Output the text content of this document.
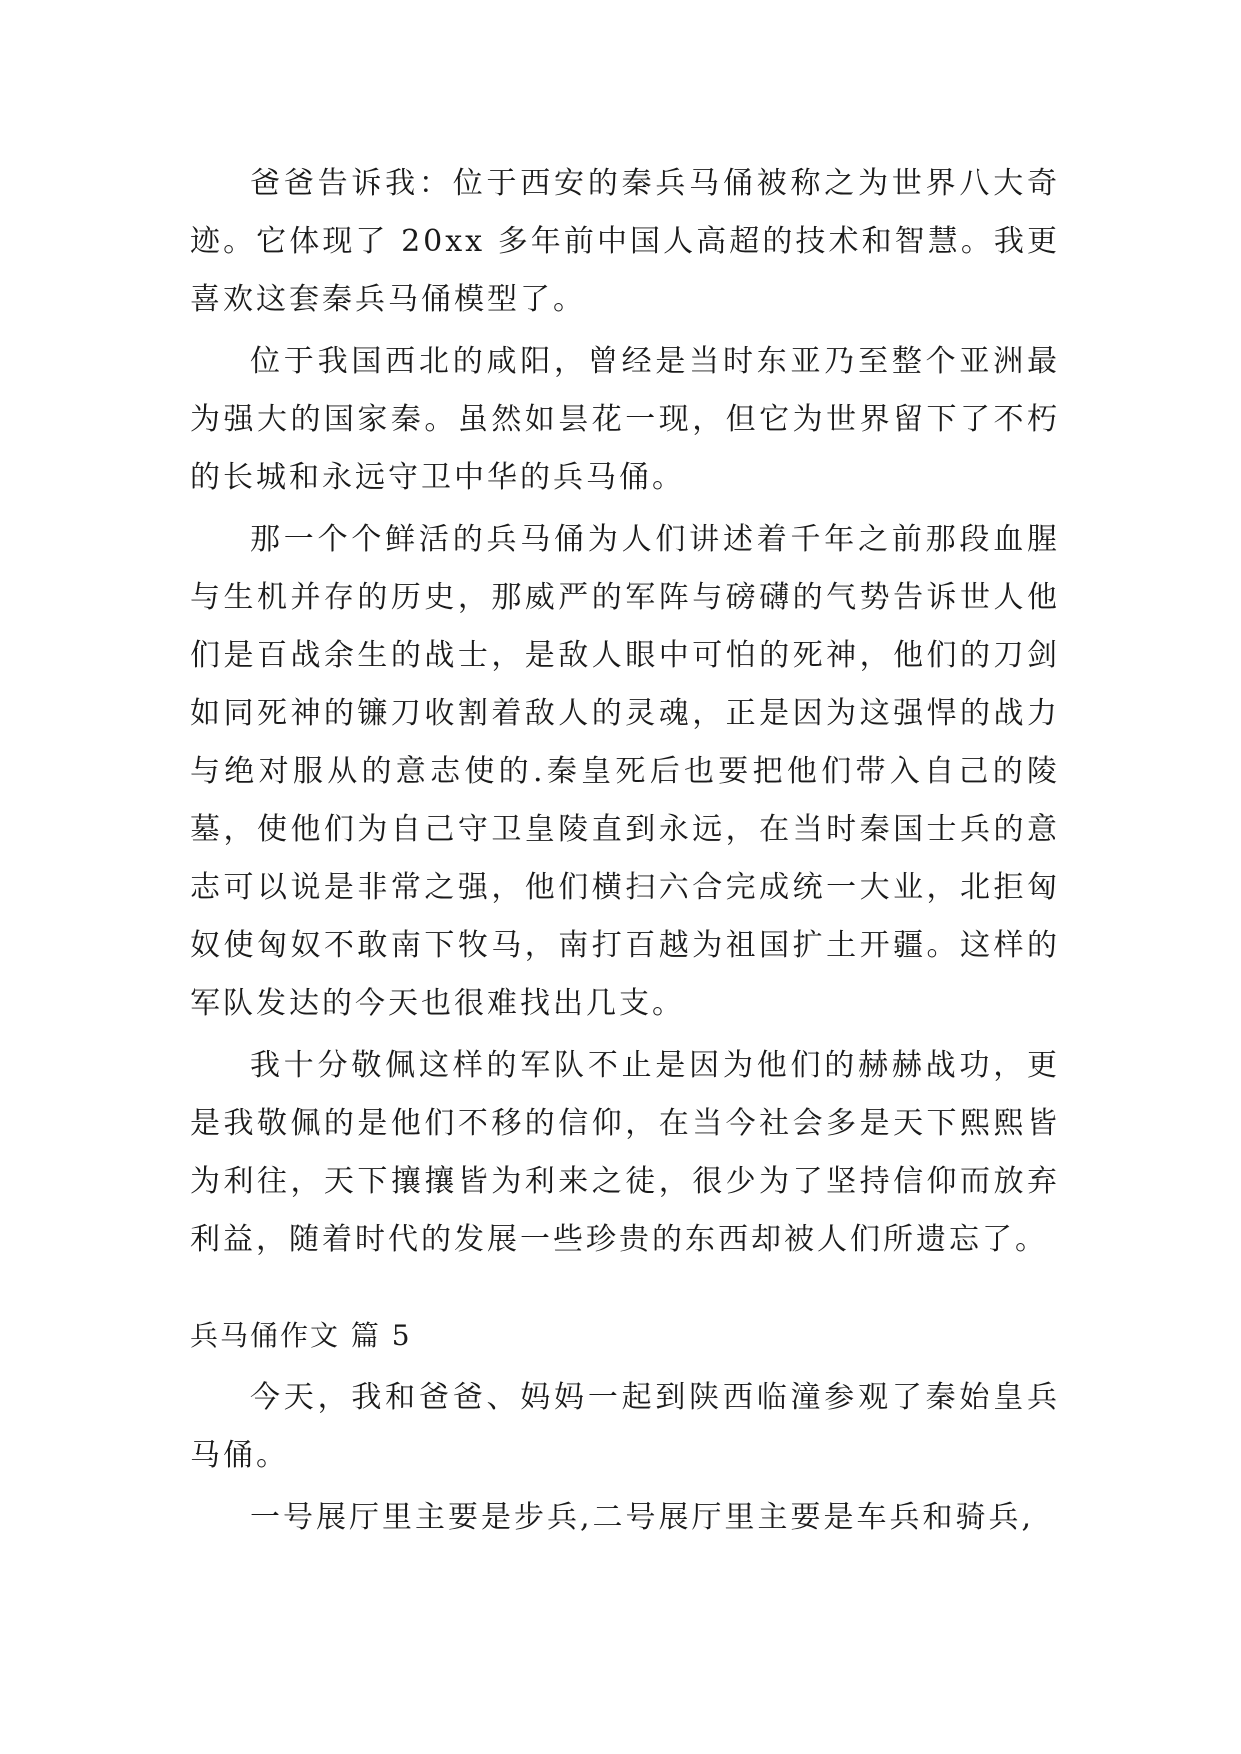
爸爸告诉我：位于西安的秦兵马俑被称之为世界八大奇迹。它体现了 20xx 多年前中国人高超的技术和智慧。我更喜欢这套秦兵马俑模型了。

位于我国西北的咸阳，曾经是当时东亚乃至整个亚洲最为强大的国家秦。虽然如昙花一现，但它为世界留下了不朽的长城和永远守卫中华的兵马俑。

那一个个鲜活的兵马俑为人们讲述着千年之前那段血腥与生机并存的历史，那威严的军阵与磅礴的气势告诉世人他们是百战余生的战士，是敌人眼中可怕的死神，他们的刀剑如同死神的镰刀收割着敌人的灵魂，正是因为这强悍的战力与绝对服从的意志使的.秦皇死后也要把他们带入自己的陵墓，使他们为自己守卫皇陵直到永远，在当时秦国士兵的意志可以说是非常之强，他们横扫六合完成统一大业，北拒匈奴使匈奴不敢南下牧马，南打百越为祖国扩土开疆。这样的军队发达的今天也很难找出几支。

我十分敬佩这样的军队不止是因为他们的赫赫战功，更是我敬佩的是他们不移的信仰，在当今社会多是天下熙熙皆为利往，天下攘攘皆为利来之徒，很少为了坚持信仰而放弃利益，随着时代的发展一些珍贵的东西却被人们所遗忘了。

兵马俑作文 篇 5

今天，我和爸爸、妈妈一起到陕西临潼参观了秦始皇兵马俑。

一号展厅里主要是步兵,二号展厅里主要是车兵和骑兵,
